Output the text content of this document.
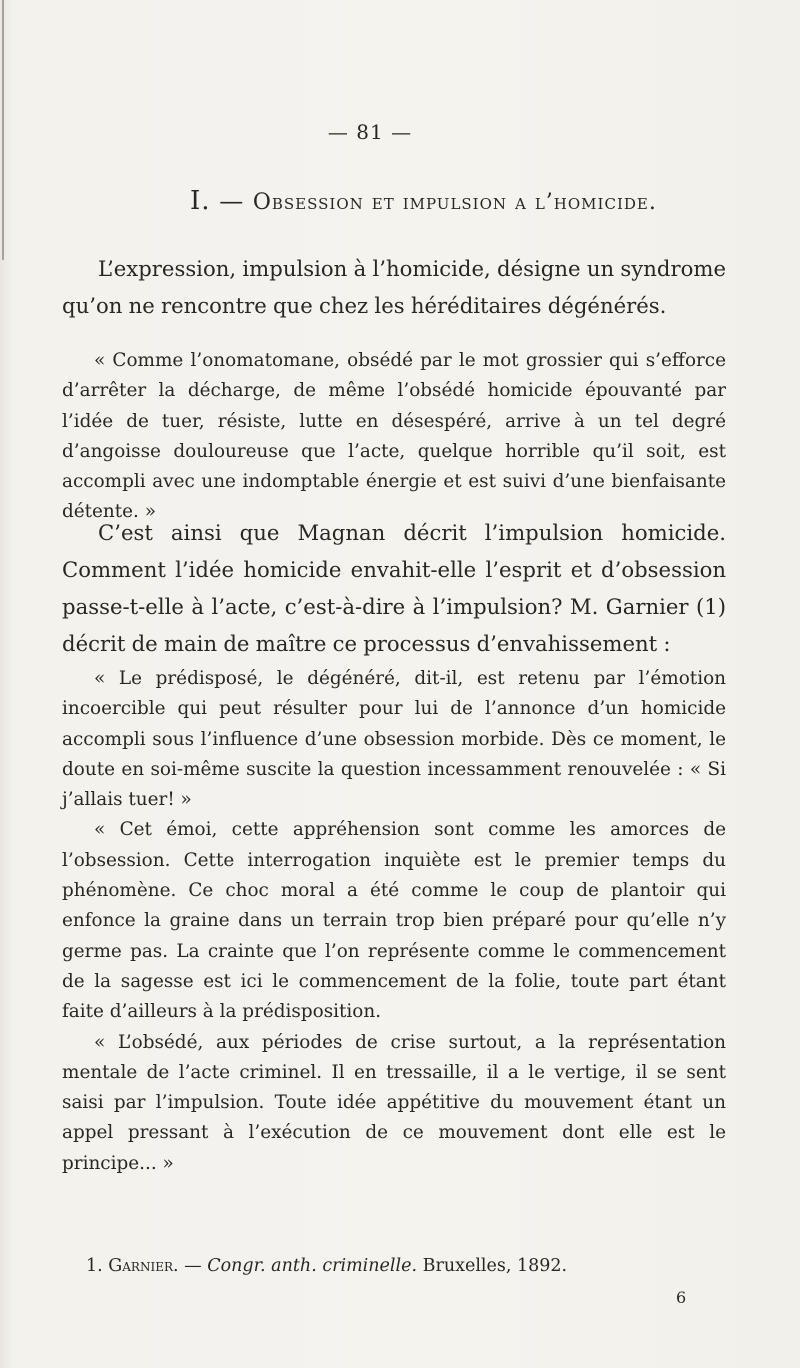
— 81 —
I. — Obsession et impulsion a l’homicide.

L’expression, impulsion à l’homicide, désigne un syndrome qu’on ne rencontre que chez les héréditaires dégénérés.

« Comme l’onomatomane, obsédé par le mot grossier qui s’efforce d’arrêter la décharge, de même l’obsédé homicide épouvanté par l’idée de tuer, résiste, lutte en désespéré, arrive à un tel degré d’angoisse douloureuse que l’acte, quelque horrible qu’il soit, est accompli avec une indomptable énergie et est suivi d’une bienfaisante détente. »

C’est ainsi que Magnan décrit l’impulsion homicide. Comment l’idée homicide envahit-elle l’esprit et d’obsession passe-t-elle à l’acte, c’est-à-dire à l’impulsion? M. Garnier (1) décrit de main de maître ce processus d’envahissement :

« Le prédisposé, le dégénéré, dit-il, est retenu par l’émotion incoercible qui peut résulter pour lui de l’annonce d’un homicide accompli sous l’influence d’une obsession morbide. Dès ce moment, le doute en soi-même suscite la question incessamment renouvelée : « Si j’allais tuer! »

« Cet émoi, cette appréhension sont comme les amorces de l’obsession. Cette interrogation inquiète est le premier temps du phénomène. Ce choc moral a été comme le coup de plantoir qui enfonce la graine dans un terrain trop bien préparé pour qu’elle n’y germe pas. La crainte que l’on représente comme le commencement de la sagesse est ici le commencement de la folie, toute part étant faite d’ailleurs à la prédisposition.

« L’obsédé, aux périodes de crise surtout, a la représentation mentale de l’acte criminel. Il en tressaille, il a le vertige, il se sent saisi par l’impulsion. Toute idée appétitive du mouvement étant un appel pressant à l’exécution de ce mouvement dont elle est le principe... »

1. Garnier. — Congr. anth. criminelle. Bruxelles, 1892.
6
